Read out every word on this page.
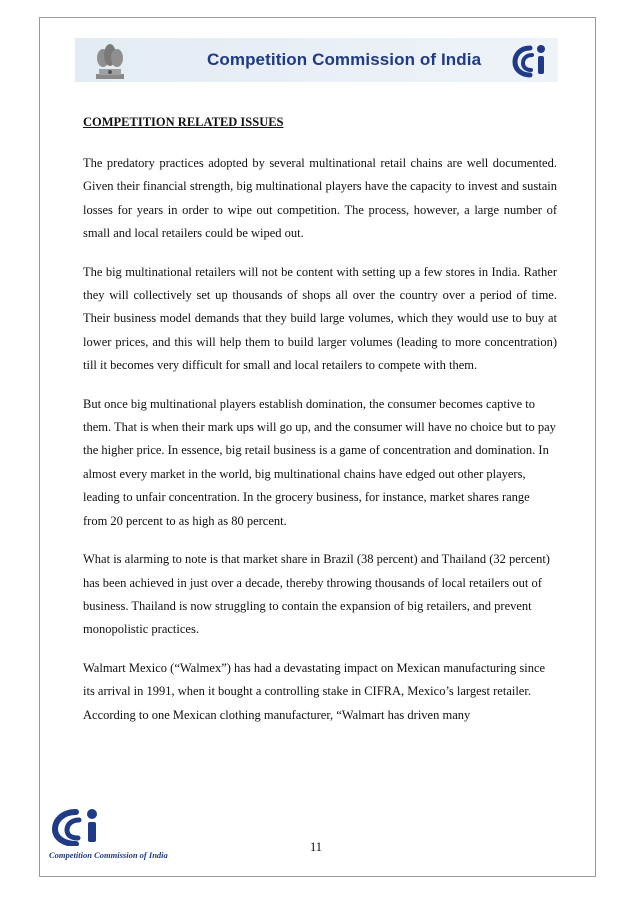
Competition Commission of India
COMPETITION RELATED ISSUES

The predatory practices adopted by several multinational retail chains are well documented. Given their financial strength, big multinational players have the capacity to invest and sustain losses for years in order to wipe out competition. The process, however, a large number of small and local retailers could be wiped out.

The big multinational retailers will not be content with setting up a few stores in India. Rather they will collectively set up thousands of shops all over the country over a period of time. Their business model demands that they build large volumes, which they would use to buy at lower prices, and this will help them to build larger volumes (leading to more concentration) till it becomes very difficult for small and local retailers to compete with them.

But once big multinational players establish domination, the consumer becomes captive to them. That is when their mark ups will go up, and the consumer will have no choice but to pay the higher price. In essence, big retail business is a game of concentration and domination. In almost every market in the world, big multinational chains have edged out other players, leading to unfair concentration. In the grocery business, for instance, market shares range from 20 percent to as high as 80 percent.

What is alarming to note is that market share in Brazil (38 percent) and Thailand (32 percent) has been achieved in just over a decade, thereby throwing thousands of local retailers out of business. Thailand is now struggling to contain the expansion of big retailers, and prevent monopolistic practices.

Walmart Mexico (“Walmex”) has had a devastating impact on Mexican manufacturing since its arrival in 1991, when it bought a controlling stake in CIFRA, Mexico’s largest retailer. According to one Mexican clothing manufacturer, “Walmart has driven many

Competition Commission of India
11
